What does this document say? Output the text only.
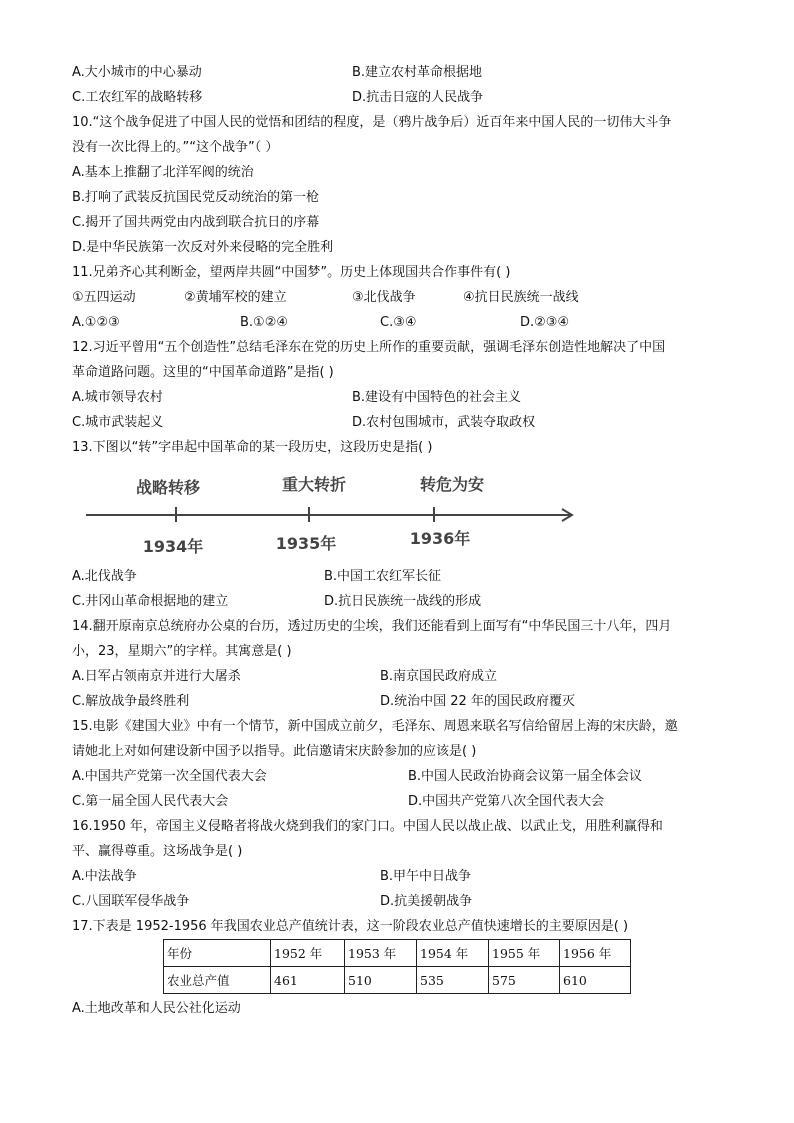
A.大小城市的中心暴动	B.建立农村革命根据地
C.工农红军的战略转移	D.抗击日寇的人民战争
10.“这个战争促进了中国人民的觉悟和团结的程度，是（鸦片战争后）近百年来中国人民的一切伟大斗争
没有一次比得上的。”“这个战争”（ ）
A.基本上推翻了北洋军阀的统治
B.打响了武装反抗国民党反动统治的第一枪
C.揭开了国共两党由内战到联合抗日的序幕
D.是中华民族第一次反对外来侵略的完全胜利
11.兄弟齐心其利断金，望两岸共圆“中国梦”。历史上体现国共合作事件有( )
①五四运动	②黄埔军校的建立	③北伐战争	④抗日民族统一战线
A.①②③	B.①②④	C.③④	D.②③④
12.习近平曾用“五个创造性”总结毛泽东在党的历史上所作的重要贡献，强调毛泽东创造性地解决了中国
革命道路问题。这里的“中国革命道路”是指( )
A.城市领导农村	B.建设有中国特色的社会主义
C.城市武装起义	D.农村包围城市，武装夺取政权
13.下图以“转”字串起中国革命的某一段历史，这段历史是指( )
战略转移	重大转折	转危为安
1934年	1935年	1936年
A.北伐战争	B.中国工农红军长征
C.井冈山革命根据地的建立	D.抗日民族统一战线的形成
14.翻开原南京总统府办公桌的台历，透过历史的尘埃，我们还能看到上面写有“中华民国三十八年，四月
小，23，星期六”的字样。其寓意是( )
A.日军占领南京并进行大屠杀	B.南京国民政府成立
C.解放战争最终胜利	D.统治中国 22 年的国民政府覆灭
15.电影《建国大业》中有一个情节，新中国成立前夕，毛泽东、周恩来联名写信给留居上海的宋庆龄，邀
请她北上对如何建设新中国予以指导。此信邀请宋庆龄参加的应该是( )
A.中国共产党第一次全国代表大会	B.中国人民政治协商会议第一届全体会议
C.第一届全国人民代表大会	D.中国共产党第八次全国代表大会
16.1950 年，帝国主义侵略者将战火烧到我们的家门口。中国人民以战止战、以武止戈，用胜利赢得和
平、赢得尊重。这场战争是( )
A.中法战争	B.甲午中日战争
C.八国联军侵华战争	D.抗美援朝战争
17.下表是 1952-1956 年我国农业总产值统计表，这一阶段农业总产值快速增长的主要原因是( )
年份	1952 年	1953 年	1954 年	1955 年	1956 年
农业总产值	461	510	535	575	610
A.土地改革和人民公社化运动
